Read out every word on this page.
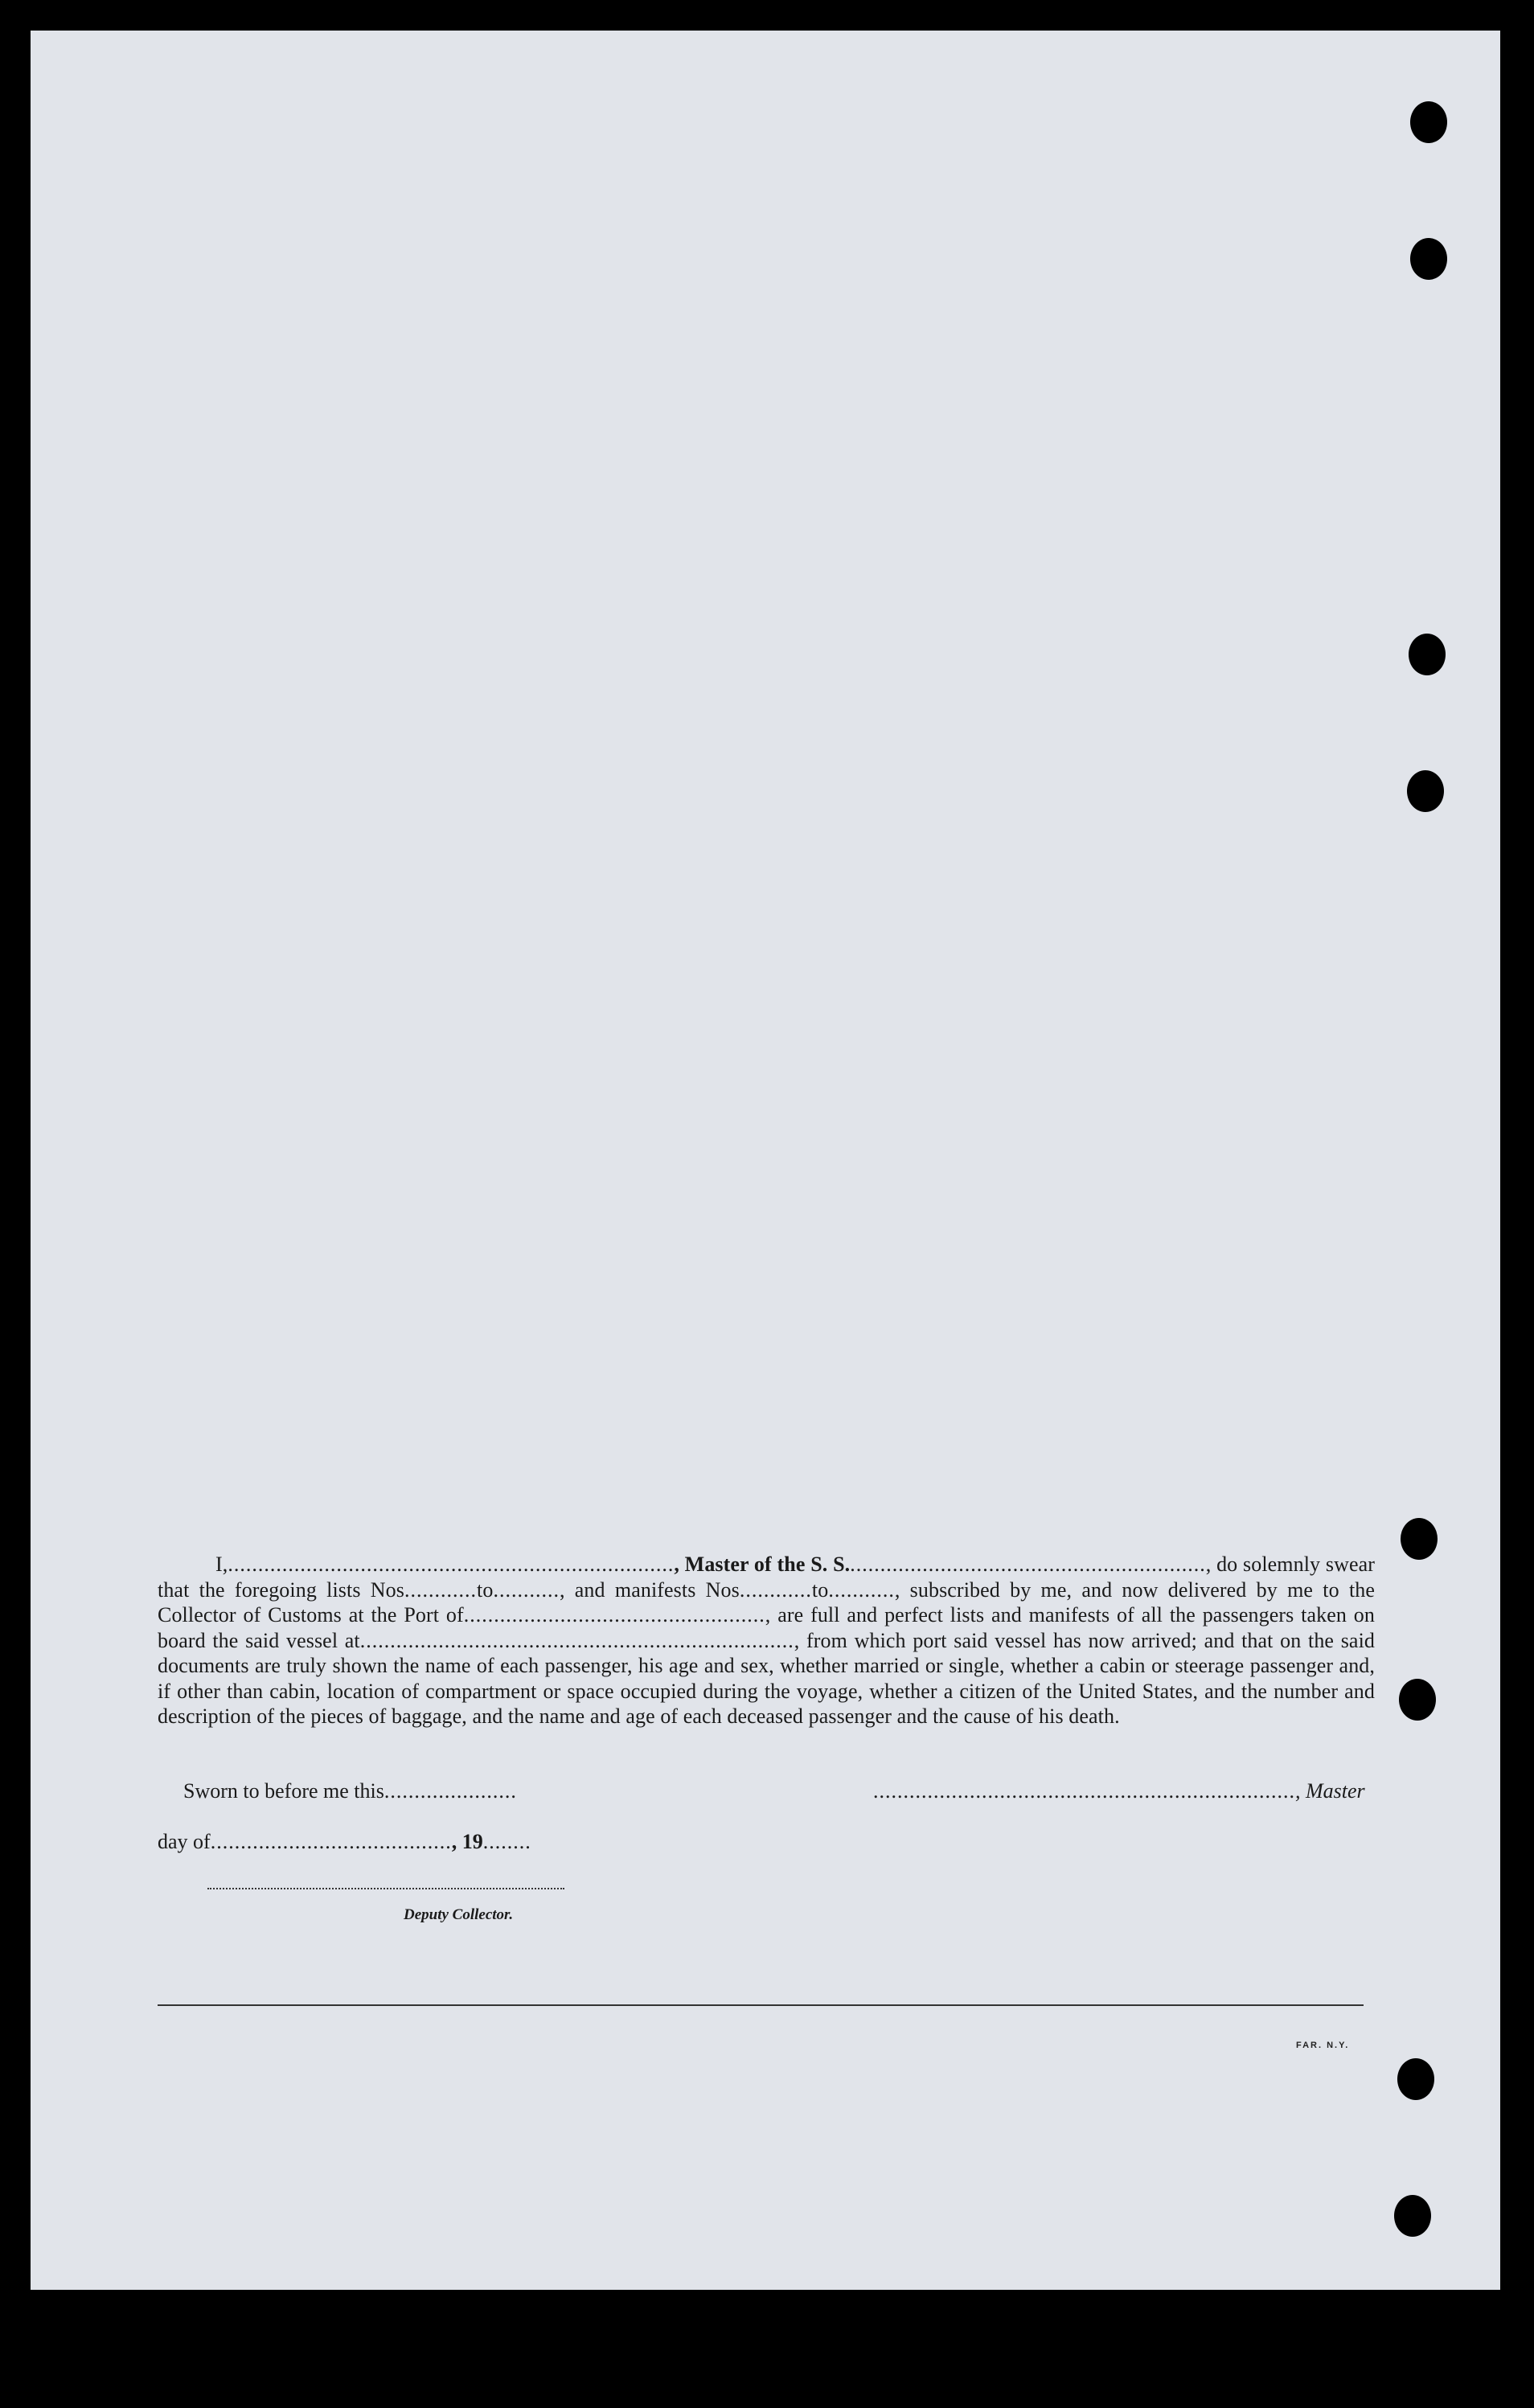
I,.........................................................................., Master of the S. S............................................................, do solemnly swear that the foregoing lists Nos............to..........., and manifests Nos............to..........., subscribed by me, and now delivered by me to the Collector of Customs at the Port of.................................................., are full and perfect lists and manifests of all the passengers taken on board the said vessel at........................................................................, from which port said vessel has now arrived; and that on the said documents are truly shown the name of each passenger, his age and sex, whether married or single, whether a cabin or steerage passenger and, if other than cabin, location of compartment or space occupied during the voyage, whether a citizen of the United States, and the number and description of the pieces of baggage, and the name and age of each deceased passenger and the cause of his death.

Sworn to before me this......................	......................................................................, Master
day of........................................, 19........
Deputy Collector.
FAR. N.Y.
